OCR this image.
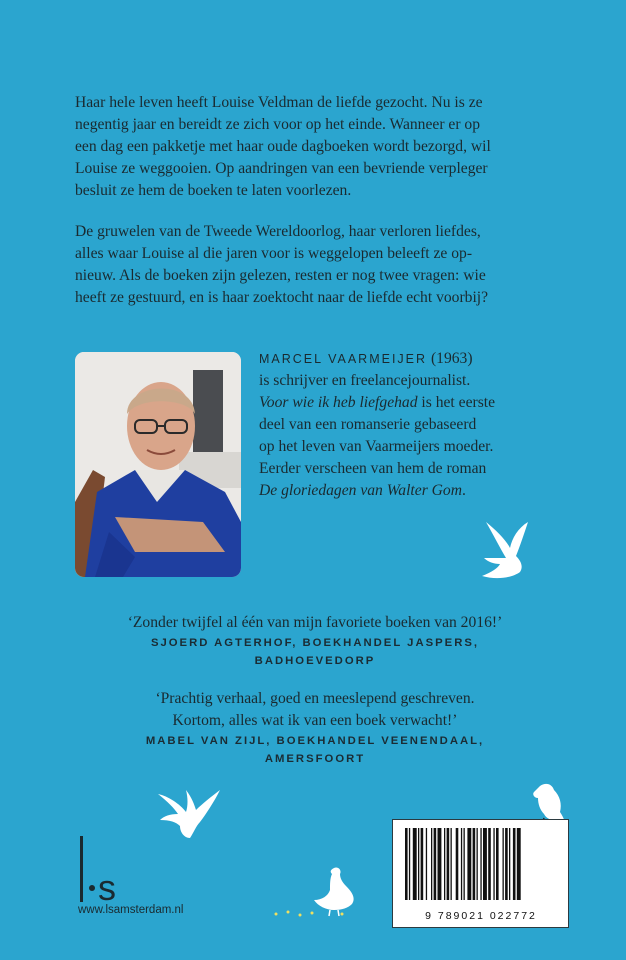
Haar hele leven heeft Louise Veldman de liefde gezocht. Nu is ze
negentig jaar en bereidt ze zich voor op het einde. Wanneer er op
een dag een pakketje met haar oude dagboeken wordt bezorgd, wil
Louise ze weggooien. Op aandringen van een bevriende verpleger
besluit ze hem de boeken te laten voorlezen.

De gruwelen van de Tweede Wereldoorlog, haar verloren liefdes,
alles waar Louise al die jaren voor is weggelopen beleeft ze op-
nieuw. Als de boeken zijn gelezen, resten er nog twee vragen: wie
heeft ze gestuurd, en is haar zoektocht naar de liefde echt voorbij?

MARCEL VAARMEIJER (1963)
is schrijver en freelancejournalist.
Voor wie ik heb liefgehad is het eerste
deel van een romanserie gebaseerd
op het leven van Vaarmeijers moeder.
Eerder verscheen van hem de roman
De gloriedagen van Walter Gom.
‘Zonder twijfel al één van mijn favoriete boeken van 2016!’
SJOERD AGTERHOF, BOEKHANDEL JASPERS,
BADHOEVEDORP
‘Prachtig verhaal, goed en meeslepend geschreven.
Kortom, alles wat ik van een boek verwacht!’
MABEL VAN ZIJL, BOEKHANDEL VEENENDAAL,
AMERSFOORT
s
www.lsamsterdam.nl	9 789021 022772
